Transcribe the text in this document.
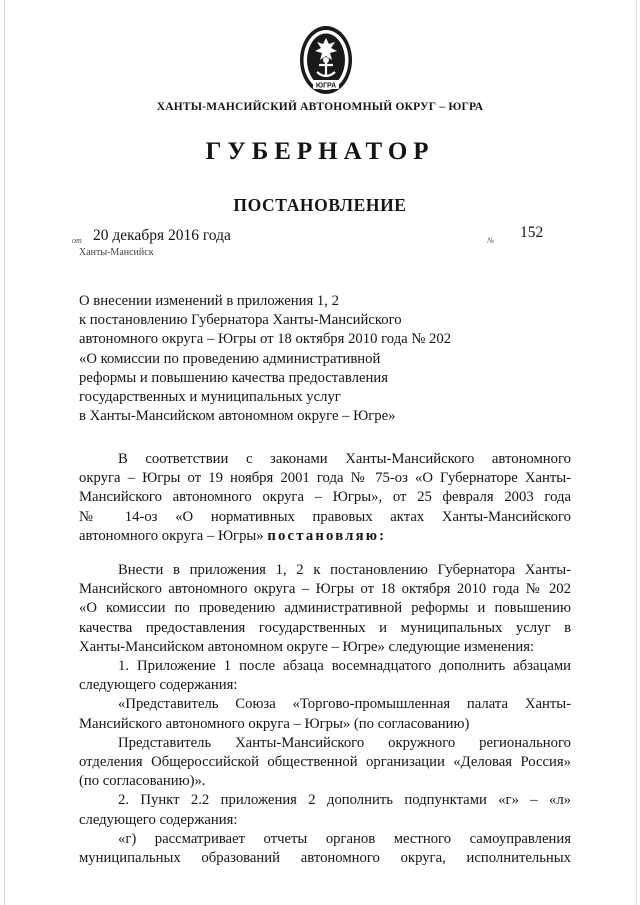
ЮГРА
ХАНТЫ-МАНСИЙСКИЙ АВТОНОМНЫЙ ОКРУГ – ЮГРА
ГУБЕРНАТОР
ПОСТАНОВЛЕНИЕ
от 20 декабря 2016 года
Ханты-Мансийск
№ 152
О внесении изменений в приложения 1, 2
к постановлению Губернатора Ханты-Мансийского
автономного округа – Югры от 18 октября 2010 года № 202
«О комиссии по проведению административной
реформы и повышению качества предоставления
государственных и муниципальных услуг
в Ханты-Мансийском автономном округе – Югре»
В соответствии с законами Ханты-Мансийского автономного
округа – Югры от 19 ноября 2001 года № 75-оз «О Губернаторе Ханты-
Мансийского автономного округа – Югры», от 25 февраля 2003 года
№ 14-оз «О нормативных правовых актах Ханты-Мансийского
автономного округа – Югры» постановляю:
Внести в приложения 1, 2 к постановлению Губернатора Ханты-
Мансийского автономного округа – Югры от 18 октября 2010 года № 202
«О комиссии по проведению административной реформы и повышению
качества предоставления государственных и муниципальных услуг в
Ханты-Мансийском автономном округе – Югре» следующие изменения:
1. Приложение 1 после абзаца восемнадцатого дополнить абзацами
следующего содержания:
«Представитель Союза «Торгово-промышленная палата Ханты-
Мансийского автономного округа – Югры» (по согласованию)
Представитель Ханты-Мансийского окружного регионального
отделения Общероссийской общественной организации «Деловая Россия»
(по согласованию)».
2. Пункт 2.2 приложения 2 дополнить подпунктами «г» – «л»
следующего содержания:
«г) рассматривает отчеты органов местного самоуправления
муниципальных образований автономного округа, исполнительных
